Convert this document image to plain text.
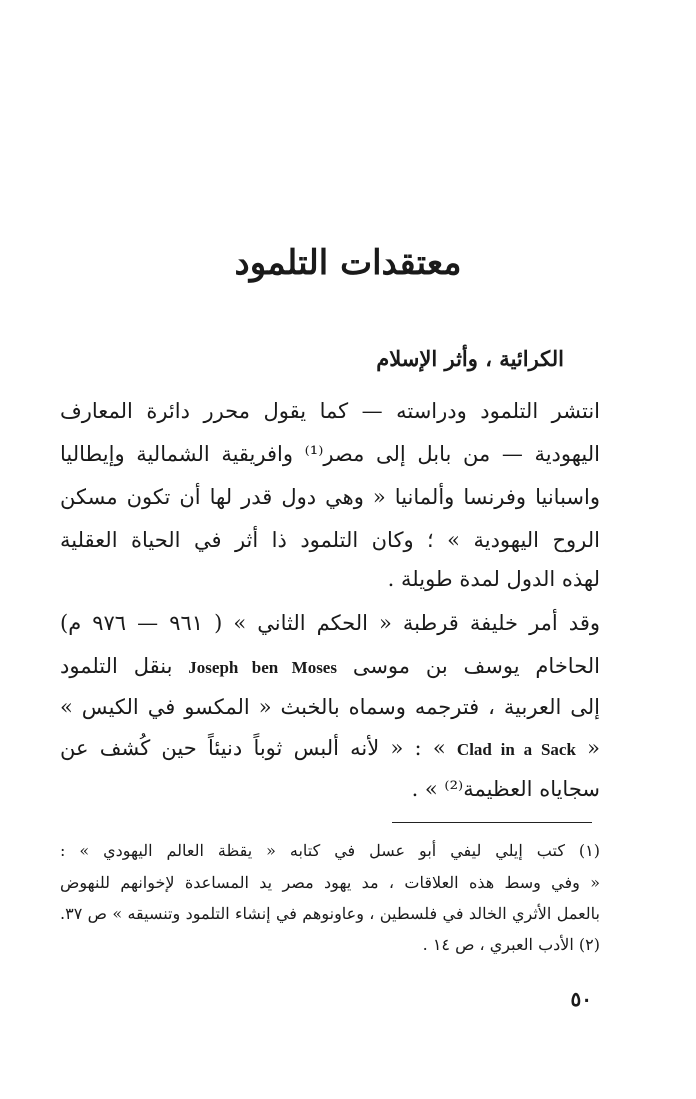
معتقدات التلمود
الكرائية ، وأثر الإسلام
انتشر التلمود ودراسته — كما يقول محرر دائرة المعارف
اليهودية — من بابل إلى مصر⁽¹⁾ وافريقية الشمالية وإيطاليا
واسبانيا وفرنسا وألمانيا « وهي دول قدر لها أن تكون مسكن
الروح اليهودية » ؛ وكان التلمود ذا أثر في الحياة العقلية
لهذه الدول لمدة طويلة .
وقد أمر خليفة قرطبة « الحكم الثاني » ( ٩٦١ — ٩٧٦ م)
الحاخام يوسف بن موسى Joseph ben Moses بنقل التلمود
إلى العربية ، فترجمه وسماه بالخبث « المكسو في الكيس »
« Clad in a Sack » : « لأنه ألبس ثوباً دنيئاً حين كُشف عن
سجاياه العظيمة⁽²⁾ » .
(١) كتب إيلي ليفي أبو عسل في كتابه « يقظة العالم اليهودي » :
« وفي وسط هذه العلاقات ، مد يهود مصر يد المساعدة لإخوانهم للنهوض
بالعمل الأثري الخالد في فلسطين ، وعاونوهم في إنشاء التلمود وتنسيقه » ص ٣٧.
(٢) الأدب العبري ، ص ١٤ .
٥٠
